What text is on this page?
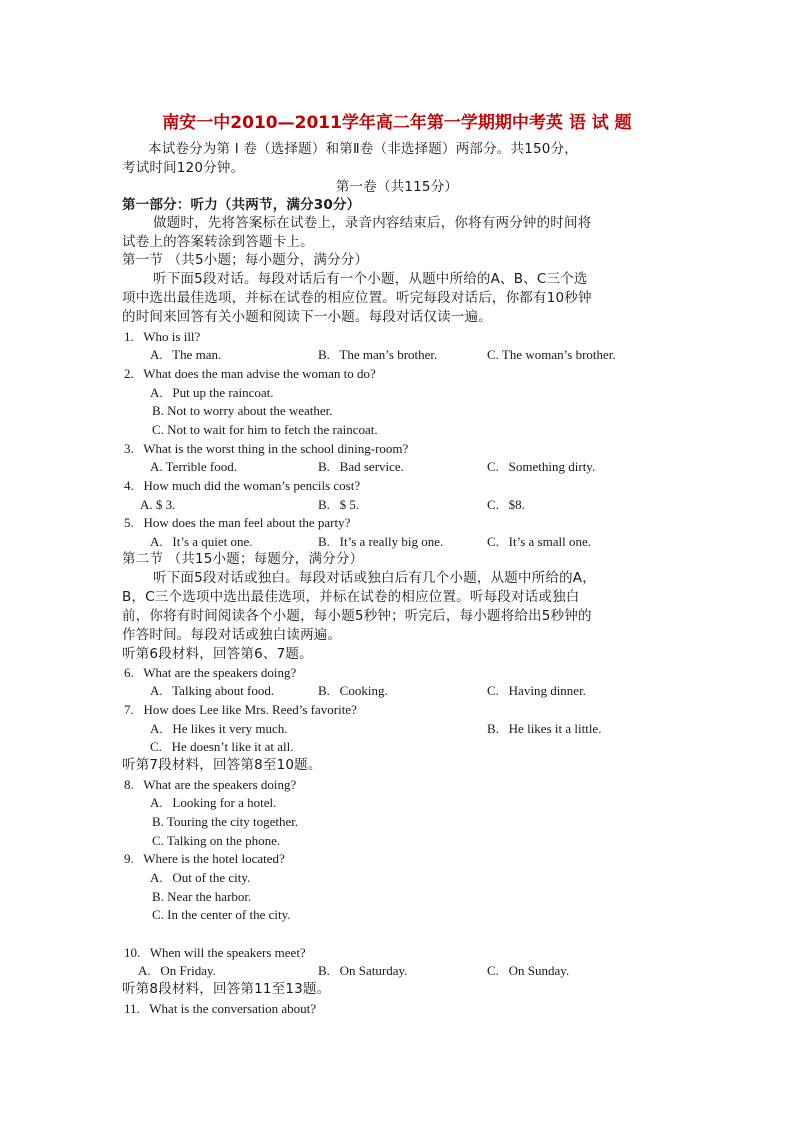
南安一中2010—2011学年高二年第一学期期中考英 语 试 题
本试卷分为第 I 卷（选择题）和第Ⅱ卷（非选择题）两部分。共150分，
考试时间120分钟。
第一卷（共115分）
第一部分：听力（共两节，满分30分）
做题时，先将答案标在试卷上，录音内容结束后，你将有两分钟的时间将
试卷上的答案转涂到答题卡上。
第一节 （共5小题；每小题分，满分分）
听下面5段对话。每段对话后有一个小题，从题中所给的A、B、C三个选
项中选出最佳选项，并标在试卷的相应位置。听完每段对话后，你都有10秒钟
的时间来回答有关小题和阅读下一小题。每段对话仅读一遍。
1.   Who is ill?
A.   The man.	B.   The man’s brother.	C. The woman’s brother.
2.   What does the man advise the woman to do?
A.   Put up the raincoat.
B. Not to worry about the weather.
C. Not to wait for him to fetch the raincoat.
3.   What is the worst thing in the school dining-room?
A. Terrible food.	B.   Bad service.	C.   Something dirty.
4.   How much did the woman’s pencils cost?
A. $ 3.	B.   $ 5.	C.   $8.
5.   How does the man feel about the party?
A.   It’s a quiet one.	B.   It’s a really big one.	C.   It’s a small one.
第二节 （共15小题；每题分，满分分）
听下面5段对话或独白。每段对话或独白后有几个小题，从题中所给的A，
B，C三个选项中选出最佳选项，并标在试卷的相应位置。听每段对话或独白
前，你将有时间阅读各个小题，每小题5秒钟；听完后，每小题将给出5秒钟的
作答时间。每段对话或独白读两遍。
听第6段材料，回答第6、7题。
6.   What are the speakers doing?
A.   Talking about food.	B.   Cooking.	C.   Having dinner.
7.   How does Lee like Mrs. Reed’s favorite?
A.   He likes it very much.	B.   He likes it a little.
C.   He doesn’t like it at all.
听第7段材料，回答第8至10题。
8.   What are the speakers doing?
A.   Looking for a hotel.
B. Touring the city together.
C. Talking on the phone.
9.   Where is the hotel located?
A.   Out of the city.
B. Near the harbor.
C. In the center of the city.
10.   When will the speakers meet?
A.   On Friday.	B.   On Saturday.	C.   On Sunday.
听第8段材料，回答第11至13题。
11.   What is the conversation about?
